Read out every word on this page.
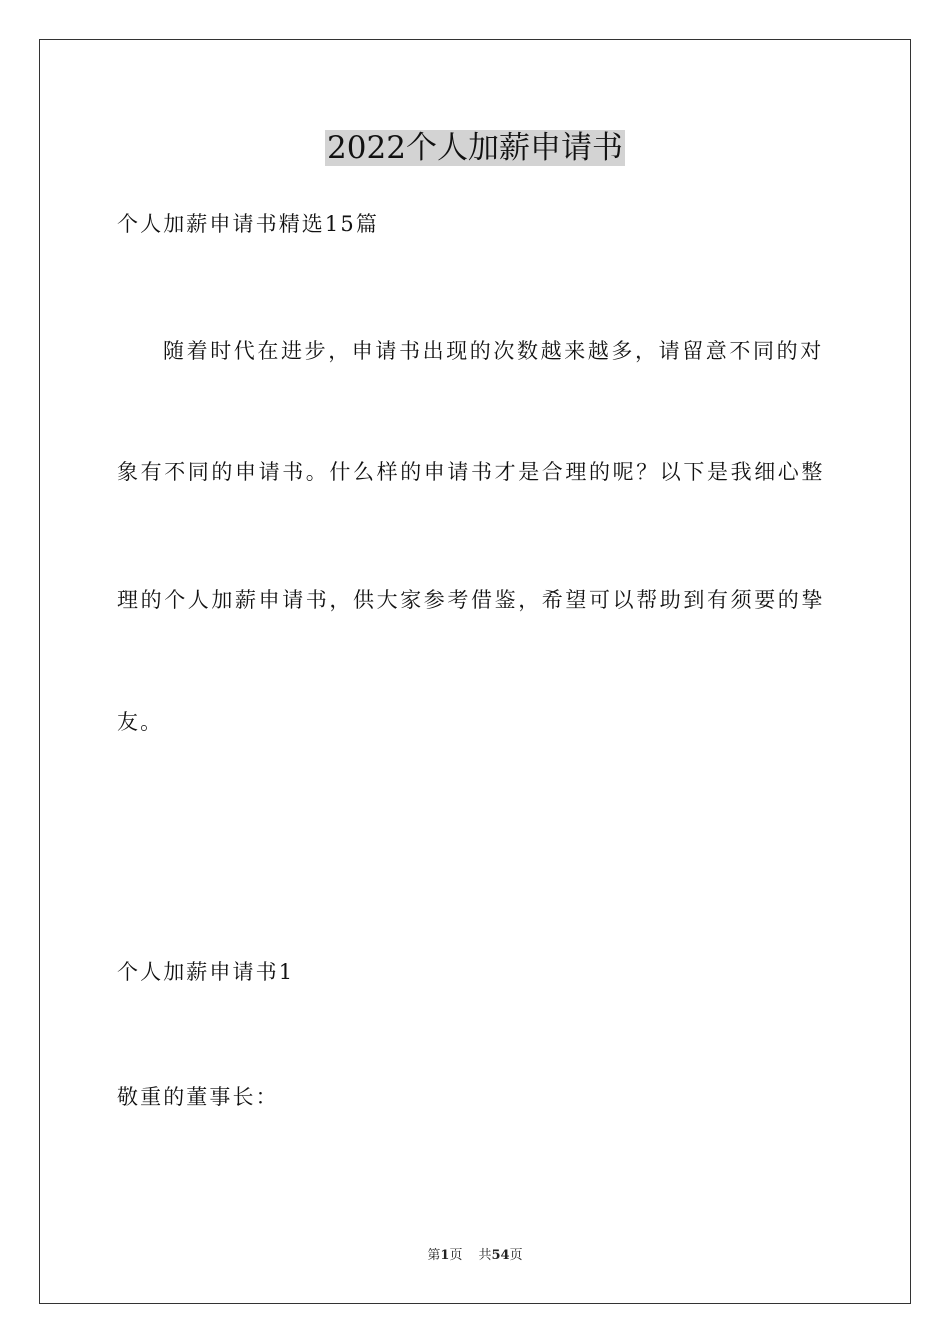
2022个人加薪申请书

个人加薪申请书精选15篇

随着时代在进步，申请书出现的次数越来越多，请留意不同的对

象有不同的申请书。什么样的申请书才是合理的呢？以下是我细心整

理的个人加薪申请书，供大家参考借鉴，希望可以帮助到有须要的挚

友。

个人加薪申请书1

敬重的董事长：

第1页 共54页
